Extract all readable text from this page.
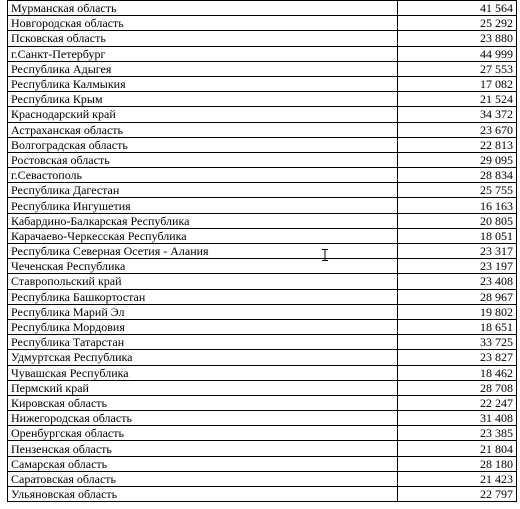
Мурманская область	41 564
Новгородская область	25 292
Псковская область	23 880
г.Санкт-Петербург	44 999
Республика Адыгея	27 553
Республика Калмыкия	17 082
Республика Крым	21 524
Краснодарский край	34 372
Астраханская область	23 670
Волгоградская область	22 813
Ростовская область	29 095
г.Севастополь	28 834
Республика Дагестан	25 755
Республика Ингушетия	16 163
Кабардино-Балкарская Республика	20 805
Карачаево-Черкесская Республика	18 051
Республика Северная Осетия - Алания	23 317
Чеченская Республика	23 197
Ставропольский край	23 408
Республика Башкортостан	28 967
Республика Марий Эл	19 802
Республика Мордовия	18 651
Республика Татарстан	33 725
Удмуртская Республика	23 827
Чувашская Республика	18 462
Пермский край	28 708
Кировская область	22 247
Нижегородская область	31 408
Оренбургская область	23 385
Пензенская область	21 804
Самарская область	28 180
Саратовская область	21 423
Ульяновская область	22 797
